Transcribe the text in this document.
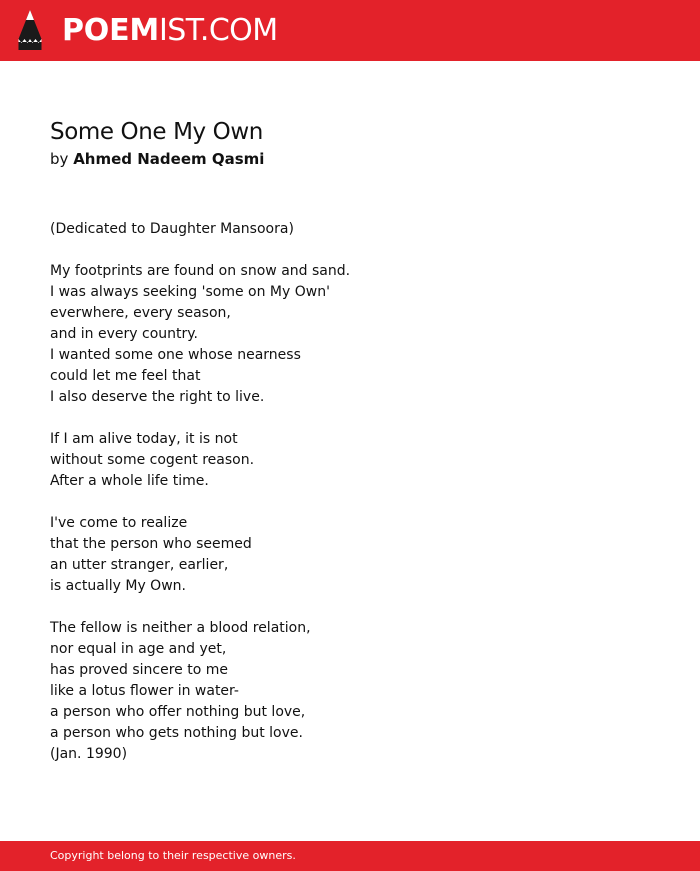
POEMIST.COM
Some One My Own
by Ahmed Nadeem Qasmi
(Dedicated to Daughter Mansoora)
My footprints are found on snow and sand.
I was always seeking 'some on My Own'
everwhere, every season,
and in every country.
I wanted some one whose nearness
could let me feel that
I also deserve the right to live.
If I am alive today, it is not
without some cogent reason.
After a whole life time.
I've come to realize
that the person who seemed
an utter stranger, earlier,
is actually My Own.
The fellow is neither a blood relation,
nor equal in age and yet,
has proved sincere to me
like a lotus flower in water-
a person who offer nothing but love,
a person who gets nothing but love.
(Jan. 1990)
Copyright belong to their respective owners.
